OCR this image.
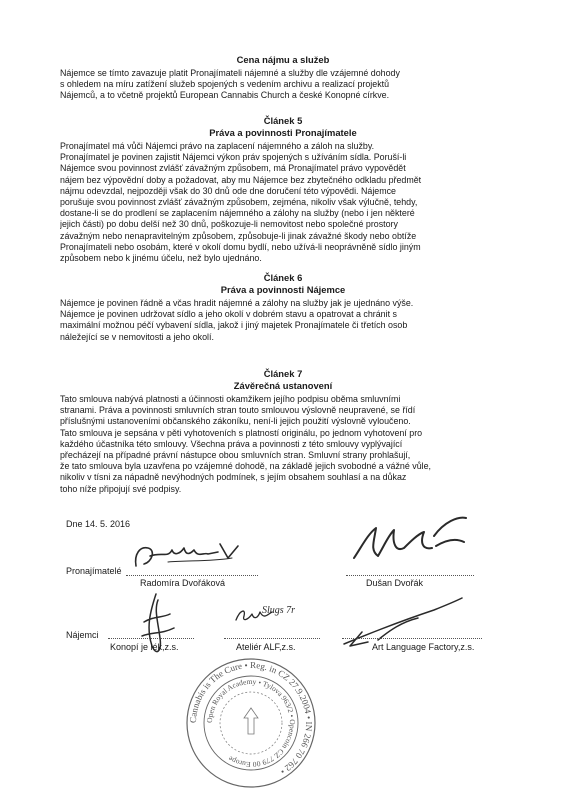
Cena nájmu a služeb

Nájemce se tímto zavazuje platit Pronajímateli nájemné a služby dle vzájemné dohody
s ohledem na míru zatížení služeb spojených s vedením archivu a realizací projektů
Nájemců, a to včetně projektů European Cannabis Church a české Konopné církve.

Článek 5
Práva a povinnosti Pronajímatele

Pronajímatel má vůči Nájemci právo na zaplacení nájemného a záloh na služby.
Pronajímatel je povinen zajistit Nájemci výkon práv spojených s užíváním sídla. Poruší-li
Nájemce svou povinnost zvlášť závažným způsobem, má Pronajímatel právo vypovědět
nájem bez výpovědní doby a požadovat, aby mu Nájemce bez zbytečného odkladu předmět
nájmu odevzdal, nejpozději však do 30 dnů ode dne doručení této výpovědi. Nájemce
porušuje svou povinnost zvlášť závažným způsobem, zejména, nikoliv však výlučně, tehdy,
dostane-li se do prodlení se zaplacením nájemného a zálohy na služby (nebo i jen některé
jejich části) po dobu delší než 30 dnů, poškozuje-li nemovitost nebo společné prostory
závažným nebo nenapravitelným způsobem, způsobuje-li jinak závažné škody nebo obtíže
Pronajímateli nebo osobám, které v okolí domu bydlí, nebo užívá-li neoprávněně sídlo jiným
způsobem nebo k jinému účelu, než bylo ujednáno.

Článek 6
Práva a povinnosti Nájemce

Nájemce je povinen řádně a včas hradit nájemné a zálohy na služby jak je ujednáno výše.
Nájemce je povinen udržovat sídlo a jeho okolí v dobrém stavu a opatrovat a chránit s
maximální možnou péčí vybavení sídla, jakož i jiný majetek Pronajímatele či třetích osob
náležející se v nemovitosti a jeho okolí.

Článek 7
Závěrečná ustanovení

Tato smlouva nabývá platnosti a účinnosti okamžikem jejího podpisu oběma smluvními
stranami. Práva a povinnosti smluvních stran touto smlouvou výslovně neupravené, se řídí
příslušnými ustanoveními občanského zákoníku, není-li jejich použití výslovně vyloučeno.
Tato smlouva je sepsána v pěti vyhotoveních s platností originálu, po jednom vyhotovení pro
každého účastníka této smlouvy. Všechna práva a povinnosti z této smlouvy vyplývající
přecházejí na případné právní nástupce obou smluvních stran. Smluvní strany prohlašují,
že tato smlouva byla uzavřena po vzájemné dohodě, na základě jejich svobodné a vážné vůle,
nikoliv v tísni za nápadně nevýhodných podmínek, s jejím obsahem souhlasí a na důkaz
toho níže připojují své podpisy.

Dne 14. 5. 2016

Pronajímatelé

Radomíra Dvořáková	Dušan Dvořák

Slugs 7r

Nájemci

Konopí je lék,z.s.	Ateliér ALF,z.s.	Art Language Factory,z.s.

Cannabis is The Cure • Reg. in CZ 27.9.2004 • IN 266 70 762 •
Open Royal Academy • Tylova 963/2 • Opencoin CZ 779 00 Europe
